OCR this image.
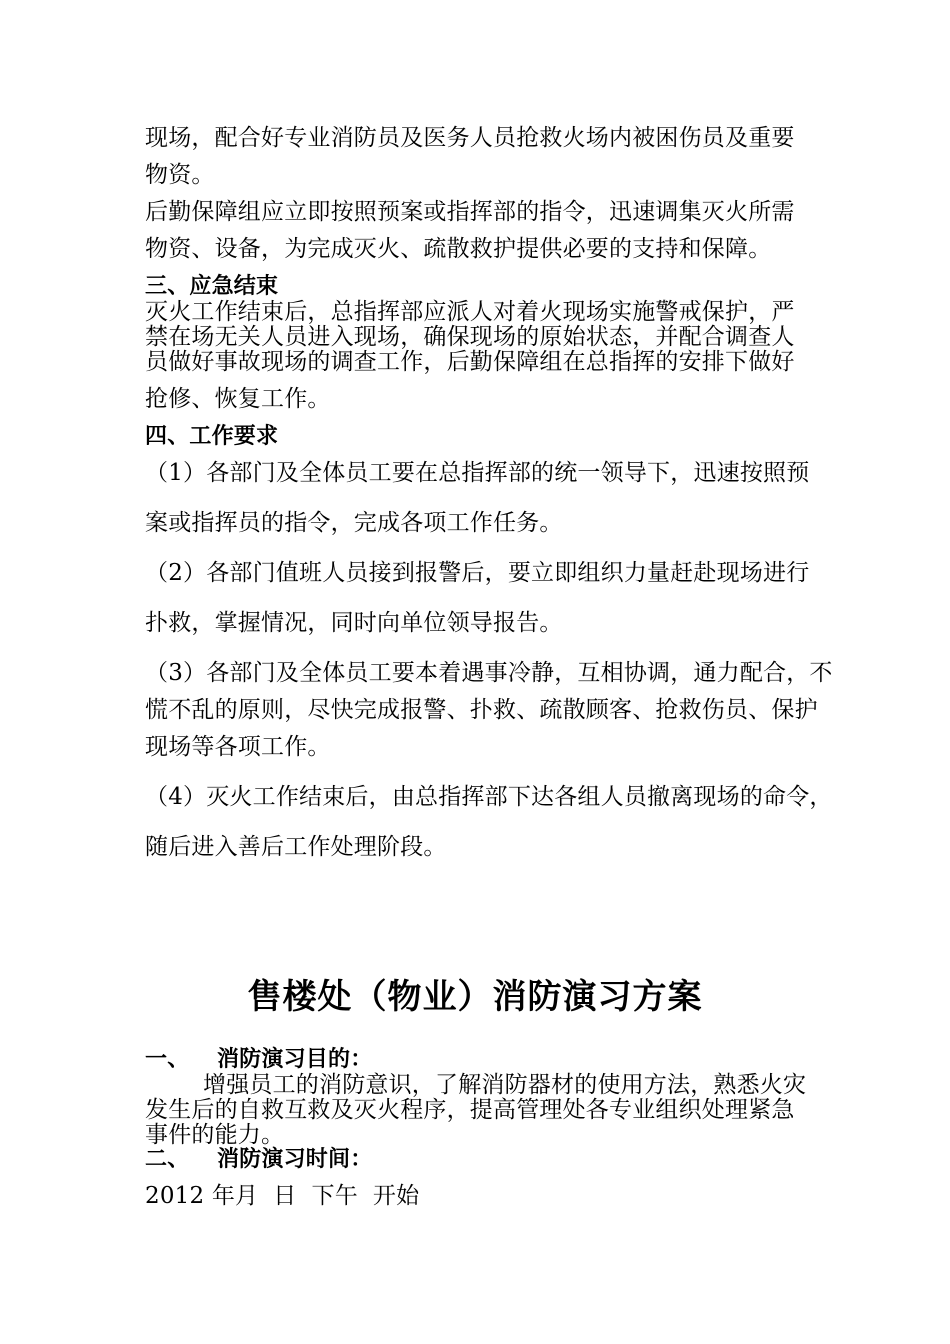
现场，配合好专业消防员及医务人员抢救火场内被困伤员及重要
物资。
后勤保障组应立即按照预案或指挥部的指令，迅速调集灭火所需
物资、设备，为完成灭火、疏散救护提供必要的支持和保障。
三、应急结束
灭火工作结束后，总指挥部应派人对着火现场实施警戒保护，严
禁在场无关人员进入现场，确保现场的原始状态，并配合调查人
员做好事故现场的调查工作，后勤保障组在总指挥的安排下做好
抢修、恢复工作。
四、工作要求
（1）各部门及全体员工要在总指挥部的统一领导下，迅速按照预
案或指挥员的指令，完成各项工作任务。
（2）各部门值班人员接到报警后，要立即组织力量赶赴现场进行
扑救，掌握情况，同时向单位领导报告。
（3）各部门及全体员工要本着遇事冷静，互相协调，通力配合，不
慌不乱的原则，尽快完成报警、扑救、疏散顾客、抢救伤员、保护
现场等各项工作。
（4）灭火工作结束后，由总指挥部下达各组人员撤离现场的命令，
随后进入善后工作处理阶段。
售楼处（物业）消防演习方案
一、 消防演习目的：
增强员工的消防意识，了解消防器材的使用方法，熟悉火灾
发生后的自救互救及灭火程序，提高管理处各专业组织处理紧急
事件的能力。
二、 消防演习时间：
2012 年月  日  下午  开始
